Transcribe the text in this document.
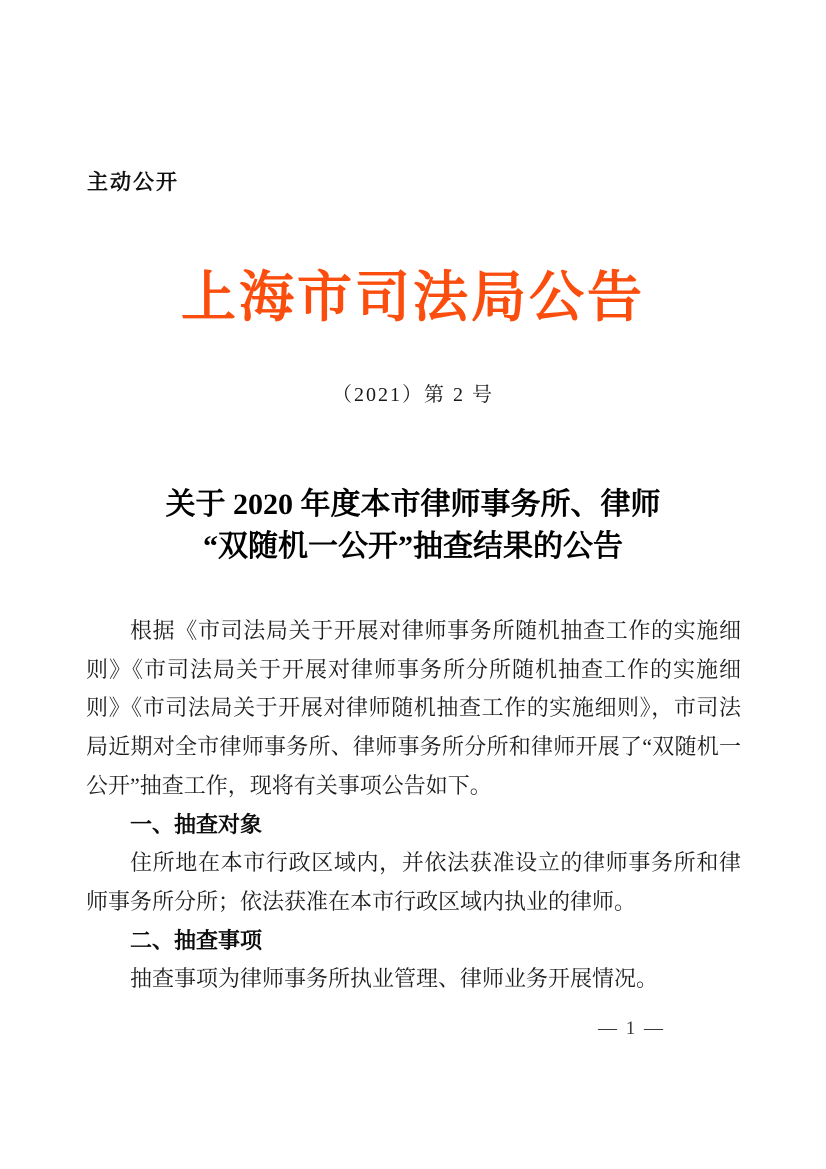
主动公开
上海市司法局公告
（2021）第 2 号
关于 2020 年度本市律师事务所、律师
“双随机一公开”抽查结果的公告

根据《市司法局关于开展对律师事务所随机抽查工作的实施细则》《市司法局关于开展对律师事务所分所随机抽查工作的实施细则》《市司法局关于开展对律师随机抽查工作的实施细则》，市司法局近期对全市律师事务所、律师事务所分所和律师开展了“双随机一公开”抽查工作，现将有关事项公告如下。

一、抽查对象

住所地在本市行政区域内，并依法获准设立的律师事务所和律师事务所分所；依法获准在本市行政区域内执业的律师。

二、抽查事项

抽查事项为律师事务所执业管理、律师业务开展情况。

— 1 —
